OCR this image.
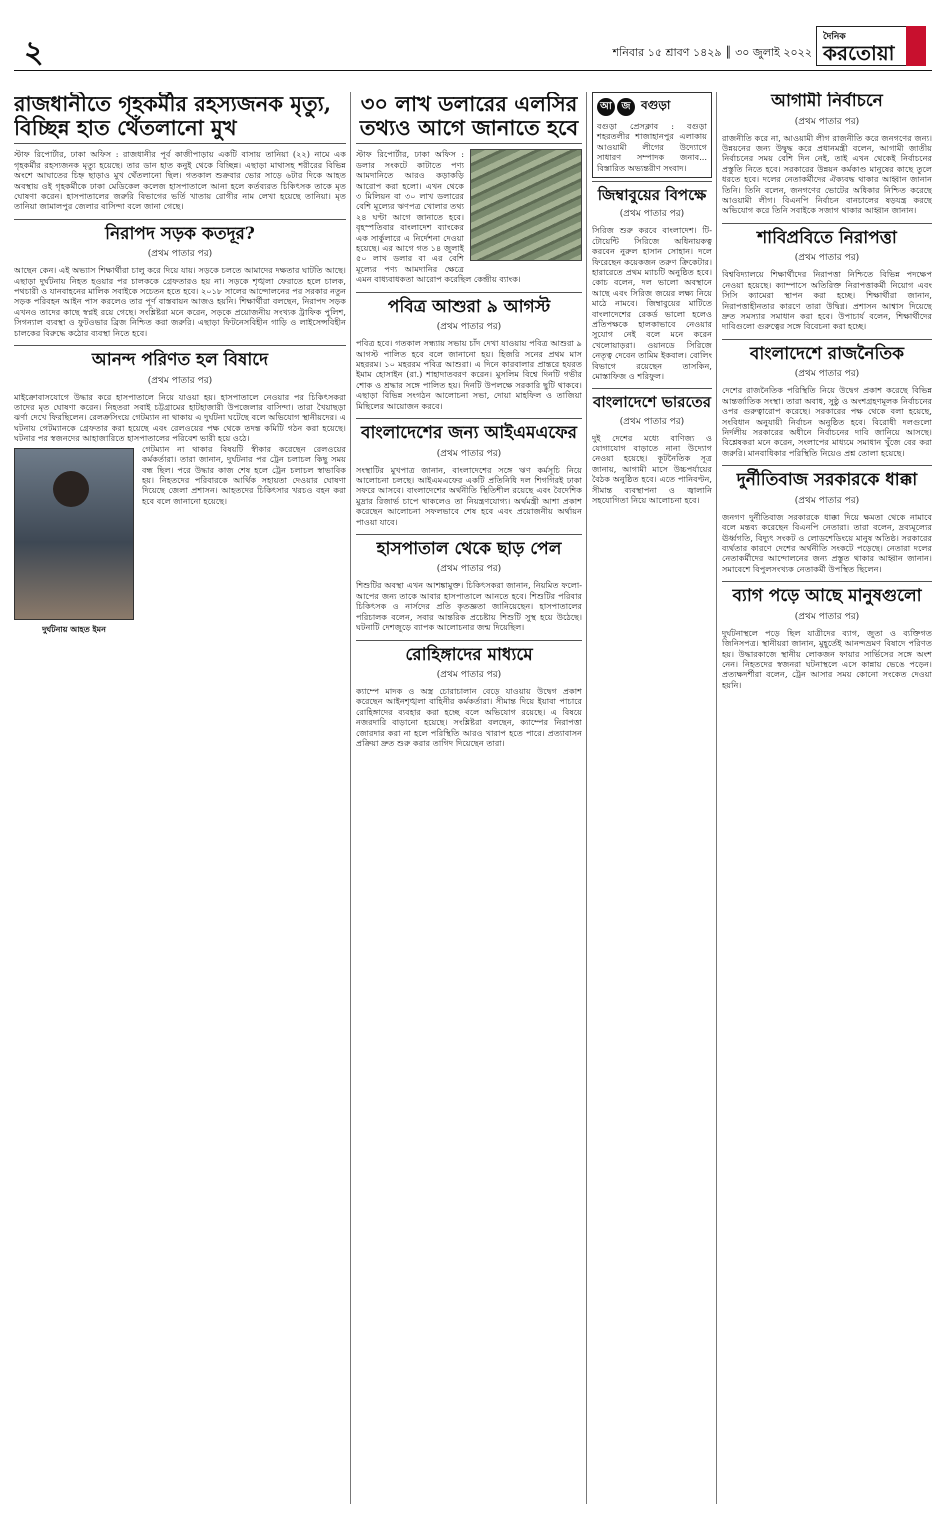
২	শনিবার ১৫ শ্রাবণ ১৪২৯ ║ ৩০ জুলাই ২০২২
দৈনিক
করতোয়া
রাজধানীতে গৃহকর্মীর রহস্যজনক মৃত্যু, বিচ্ছিন্ন হাত থেঁতলানো মুখ
স্টাফ রিপোর্টার, ঢাকা অফিস : রাজধানীর পূর্ব কাজীপাড়ায় একটি বাসায় তানিয়া (২২) নামে এক গৃহকর্মীর রহস্যজনক মৃত্যু হয়েছে। তার ডান হাত কনুই থেকে বিচ্ছিন্ন। এছাড়া মাথাসহ শরীরের বিভিন্ন অংশে আঘাতের চিহ্ন ছাড়াও মুখ থেঁতলানো ছিল। গতকাল শুক্রবার ভোর সাড়ে ৬টার দিকে আহত অবস্থায় ওই গৃহকর্মীকে ঢাকা মেডিকেল কলেজ হাসপাতালে আনা হলে কর্তব্যরত চিকিৎসক তাকে মৃত ঘোষণা করেন। হাসপাতালের জরুরি বিভাগের ভর্তি খাতায় রোগীর নাম লেখা হয়েছে তানিয়া। মৃত তানিয়া জামালপুর জেলার বাসিন্দা বলে জানা গেছে।
নিরাপদ সড়ক কতদূর?
(প্রথম পাতার পর)
আছেন কেন। এই অভ্যাস শিক্ষার্থীরা চালু করে দিয়ে যায়। সড়কে চলতে আমাদের দক্ষতার ঘাটতি আছে। এছাড়া দুর্ঘটনায় নিহত হওয়ার পর চালককে গ্রেফতারও হয় না। সড়কে শৃঙ্খলা ফেরাতে হলে চালক, পথচারী ও যানবাহনের মালিক সবাইকে সচেতন হতে হবে। ২০১৮ সালের আন্দোলনের পর সরকার নতুন সড়ক পরিবহন আইন পাস করলেও তার পূর্ণ বাস্তবায়ন আজও হয়নি। শিক্ষার্থীরা বলছেন, নিরাপদ সড়ক এখনও তাদের কাছে স্বপ্নই রয়ে গেছে। সংশ্লিষ্টরা মনে করেন, সড়কে প্রয়োজনীয় সংখ্যক ট্রাফিক পুলিশ, সিগন্যাল ব্যবস্থা ও ফুটওভার ব্রিজ নিশ্চিত করা জরুরি। এছাড়া ফিটনেসবিহীন গাড়ি ও লাইসেন্সবিহীন চালকের বিরুদ্ধে কঠোর ব্যবস্থা নিতে হবে।
আনন্দ পরিণত হল বিষাদে
(প্রথম পাতার পর)
মাইক্রোবাসযোগে উদ্ধার করে হাসপাতালে নিয়ে যাওয়া হয়। হাসপাতালে নেওয়ার পর চিকিৎসকরা তাদের মৃত ঘোষণা করেন। নিহতরা সবাই চট্টগ্রামের হাটহাজারী উপজেলার বাসিন্দা। তারা খৈয়াছড়া ঝর্ণা দেখে ফিরছিলেন। রেলক্রসিংয়ে গেটম্যান না থাকায় এ দুর্ঘটনা ঘটেছে বলে অভিযোগ স্থানীয়দের। এ ঘটনায় গেটম্যানকে গ্রেফতার করা হয়েছে এবং রেলওয়ের পক্ষ থেকে তদন্ত কমিটি গঠন করা হয়েছে। ঘটনার পর স্বজনদের আহাজারিতে হাসপাতালের পরিবেশ ভারী হয়ে ওঠে।
গেটম্যান না থাকার বিষয়টি স্বীকার করেছেন রেলওয়ের কর্মকর্তারা। তারা জানান, দুর্ঘটনার পর ট্রেন চলাচল কিছু সময় বন্ধ ছিল। পরে উদ্ধার কাজ শেষ হলে ট্রেন চলাচল স্বাভাবিক হয়। নিহতদের পরিবারকে আর্থিক সহায়তা দেওয়ার ঘোষণা দিয়েছে জেলা প্রশাসন। আহতদের চিকিৎসার খরচও বহন করা হবে বলে জানানো হয়েছে।
দুর্ঘটনায় আহত ইমন
৩০ লাখ ডলারের এলসির তথ্যও আগে জানাতে হবে
স্টাফ রিপোর্টার, ঢাকা অফিস : ডলার সংকটে কাটাতে পণ্য আমদানিতে আরও কড়াকড়ি আরোপ করা হলো। এখন থেকে ৩ মিলিয়ন বা ৩০ লাখ ডলারের বেশি মূল্যের ঋণপত্র খোলার তথ্য ২৪ ঘণ্টা আগে জানাতে হবে। বৃহস্পতিবার বাংলাদেশ ব্যাংকের এক সার্কুলারে এ নির্দেশনা দেওয়া হয়েছে। এর আগে গত ১৪ জুলাই ৫০ লাখ ডলার বা এর বেশি মূল্যের পণ্য আমদানির ক্ষেত্রে এমন বাধ্যবাধকতা আরোপ করেছিল কেন্দ্রীয় ব্যাংক।
পবিত্র আশুরা ৯ আগস্ট
(প্রথম পাতার পর)
পবিত্র হবে। গতকাল সন্ধ্যায় সভায় চাঁদ দেখা যাওয়ায় পবিত্র আশুরা ৯ আগস্ট পালিত হবে বলে জানানো হয়। হিজরি সনের প্রথম মাস মহররম। ১০ মহররম পবিত্র আশুরা। এ দিনে কারবালার প্রান্তরে হযরত ইমাম হোসাইন (রা.) শাহাদাতবরণ করেন। মুসলিম বিশ্বে দিনটি গভীর শোক ও শ্রদ্ধার সঙ্গে পালিত হয়। দিনটি উপলক্ষে সরকারি ছুটি থাকবে। এছাড়া বিভিন্ন সংগঠন আলোচনা সভা, দোয়া মাহফিল ও তাজিয়া মিছিলের আয়োজন করবে।
বাংলাদেশের জন্য আইএমএফের
(প্রথম পাতার পর)
সংস্থাটির মুখপাত্র জানান, বাংলাদেশের সঙ্গে ঋণ কর্মসূচি নিয়ে আলোচনা চলছে। আইএমএফের একটি প্রতিনিধি দল শিগগিরই ঢাকা সফরে আসবে। বাংলাদেশের অর্থনীতি স্থিতিশীল রয়েছে এবং বৈদেশিক মুদ্রার রিজার্ভ চাপে থাকলেও তা নিয়ন্ত্রণযোগ্য। অর্থমন্ত্রী আশা প্রকাশ করেছেন আলোচনা সফলভাবে শেষ হবে এবং প্রয়োজনীয় অর্থায়ন পাওয়া যাবে।
হাসপাতাল থেকে ছাড় পেল
(প্রথম পাতার পর)
শিশুটির অবস্থা এখন আশঙ্কামুক্ত। চিকিৎসকরা জানান, নিয়মিত ফলো-আপের জন্য তাকে আবার হাসপাতালে আনতে হবে। শিশুটির পরিবার চিকিৎসক ও নার্সদের প্রতি কৃতজ্ঞতা জানিয়েছেন। হাসপাতালের পরিচালক বলেন, সবার আন্তরিক প্রচেষ্টায় শিশুটি সুস্থ হয়ে উঠেছে। ঘটনাটি দেশজুড়ে ব্যাপক আলোচনার জন্ম দিয়েছিল।
রোহিঙ্গাদের মাধ্যমে
(প্রথম পাতার পর)
ক্যাম্পে মাদক ও অস্ত্র চোরাচালান বেড়ে যাওয়ায় উদ্বেগ প্রকাশ করেছেন আইনশৃঙ্খলা বাহিনীর কর্মকর্তারা। সীমান্ত দিয়ে ইয়াবা পাচারে রোহিঙ্গাদের ব্যবহার করা হচ্ছে বলে অভিযোগ রয়েছে। এ বিষয়ে নজরদারি বাড়ানো হয়েছে। সংশ্লিষ্টরা বলছেন, ক্যাম্পের নিরাপত্তা জোরদার করা না হলে পরিস্থিতি আরও খারাপ হতে পারে। প্রত্যাবাসন প্রক্রিয়া দ্রুত শুরু করার তাগিদ দিয়েছেন তারা।
আ জ বগুড়া
বগুড়া প্রেসক্লাব : বগুড়া শহরতলীর শাজাহানপুর এলাকায় আওয়ামী লীগের উদ্যোগে সাধারণ সম্পাদক জনাব... বিস্তারিত অভ্যন্তরীণ সংবাদ।
জিম্বাবুয়ের বিপক্ষে
(প্রথম পাতার পর)
সিরিজ শুরু করবে বাংলাদেশ। টি-টোয়েন্টি সিরিজে অধিনায়কত্ব করবেন নুরুল হাসান সোহান। দলে ফিরেছেন কয়েকজন তরুণ ক্রিকেটার। হারারেতে প্রথম ম্যাচটি অনুষ্ঠিত হবে। কোচ বলেন, দল ভালো অবস্থানে আছে এবং সিরিজ জয়ের লক্ষ্য নিয়ে মাঠে নামবে। জিম্বাবুয়ের মাটিতে বাংলাদেশের রেকর্ড ভালো হলেও প্রতিপক্ষকে হালকাভাবে নেওয়ার সুযোগ নেই বলে মনে করেন খেলোয়াড়রা। ওয়ানডে সিরিজে নেতৃত্ব দেবেন তামিম ইকবাল। বোলিং বিভাগে রয়েছেন তাসকিন, মোস্তাফিজ ও শরিফুল।
বাংলাদেশে ভারতের
(প্রথম পাতার পর)
দুই দেশের মধ্যে বাণিজ্য ও যোগাযোগ বাড়াতে নানা উদ্যোগ নেওয়া হয়েছে। কূটনৈতিক সূত্র জানায়, আগামী মাসে উচ্চপর্যায়ের বৈঠক অনুষ্ঠিত হবে। এতে পানিবণ্টন, সীমান্ত ব্যবস্থাপনা ও জ্বালানি সহযোগিতা নিয়ে আলোচনা হবে।
আগামী নির্বাচনে
(প্রথম পাতার পর)
রাজনীতি করে না, আওয়ামী লীগ রাজনীতি করে জনগণের জন্য। উন্নয়নের জন্য উদ্বুদ্ধ করে প্রধানমন্ত্রী বলেন, আগামী জাতীয় নির্বাচনের সময় বেশি দিন নেই, তাই এখন থেকেই নির্বাচনের প্রস্তুতি নিতে হবে। সরকারের উন্নয়ন কর্মকাণ্ড মানুষের কাছে তুলে ধরতে হবে। দলের নেতাকর্মীদের ঐক্যবদ্ধ থাকার আহ্বান জানান তিনি। তিনি বলেন, জনগণের ভোটের অধিকার নিশ্চিত করেছে আওয়ামী লীগ। বিএনপি নির্বাচন বানচালের ষড়যন্ত্র করছে অভিযোগ করে তিনি সবাইকে সজাগ থাকার আহ্বান জানান।
শাবিপ্রবিতে নিরাপত্তা
(প্রথম পাতার পর)
বিশ্ববিদ্যালয়ে শিক্ষার্থীদের নিরাপত্তা নিশ্চিতে বিভিন্ন পদক্ষেপ নেওয়া হয়েছে। ক্যাম্পাসে অতিরিক্ত নিরাপত্তাকর্মী নিয়োগ এবং সিসি ক্যামেরা স্থাপন করা হচ্ছে। শিক্ষার্থীরা জানান, নিরাপত্তাহীনতার কারণে তারা উদ্বিগ্ন। প্রশাসন আশ্বাস দিয়েছে দ্রুত সমস্যার সমাধান করা হবে। উপাচার্য বলেন, শিক্ষার্থীদের দাবিগুলো গুরুত্বের সঙ্গে বিবেচনা করা হচ্ছে।
বাংলাদেশে রাজনৈতিক
(প্রথম পাতার পর)
দেশের রাজনৈতিক পরিস্থিতি নিয়ে উদ্বেগ প্রকাশ করেছে বিভিন্ন আন্তর্জাতিক সংস্থা। তারা অবাধ, সুষ্ঠু ও অংশগ্রহণমূলক নির্বাচনের ওপর গুরুত্বারোপ করেছে। সরকারের পক্ষ থেকে বলা হয়েছে, সংবিধান অনুযায়ী নির্বাচন অনুষ্ঠিত হবে। বিরোধী দলগুলো নির্দলীয় সরকারের অধীনে নির্বাচনের দাবি জানিয়ে আসছে। বিশ্লেষকরা মনে করেন, সংলাপের মাধ্যমে সমাধান খুঁজে বের করা জরুরি। মানবাধিকার পরিস্থিতি নিয়েও প্রশ্ন তোলা হয়েছে।
দুর্নীতিবাজ সরকারকে ধাক্কা
(প্রথম পাতার পর)
জনগণ দুর্নীতিবাজ সরকারকে ধাক্কা দিয়ে ক্ষমতা থেকে নামাবে বলে মন্তব্য করেছেন বিএনপি নেতারা। তারা বলেন, দ্রব্যমূল্যের ঊর্ধ্বগতি, বিদ্যুৎ সংকট ও লোডশেডিংয়ে মানুষ অতিষ্ঠ। সরকারের ব্যর্থতার কারণে দেশের অর্থনীতি সংকটে পড়েছে। নেতারা দলের নেতাকর্মীদের আন্দোলনের জন্য প্রস্তুত থাকার আহ্বান জানান। সমাবেশে বিপুলসংখ্যক নেতাকর্মী উপস্থিত ছিলেন।
ব্যাগ পড়ে আছে মানুষগুলো
(প্রথম পাতার পর)
দুর্ঘটনাস্থলে পড়ে ছিল যাত্রীদের ব্যাগ, জুতা ও ব্যক্তিগত জিনিসপত্র। স্থানীয়রা জানান, মুহূর্তেই আনন্দভ্রমণ বিষাদে পরিণত হয়। উদ্ধারকাজে স্থানীয় লোকজন ফায়ার সার্ভিসের সঙ্গে অংশ নেন। নিহতদের স্বজনরা ঘটনাস্থলে এসে কান্নায় ভেঙে পড়েন। প্রত্যক্ষদর্শীরা বলেন, ট্রেন আসার সময় কোনো সংকেত দেওয়া হয়নি।
